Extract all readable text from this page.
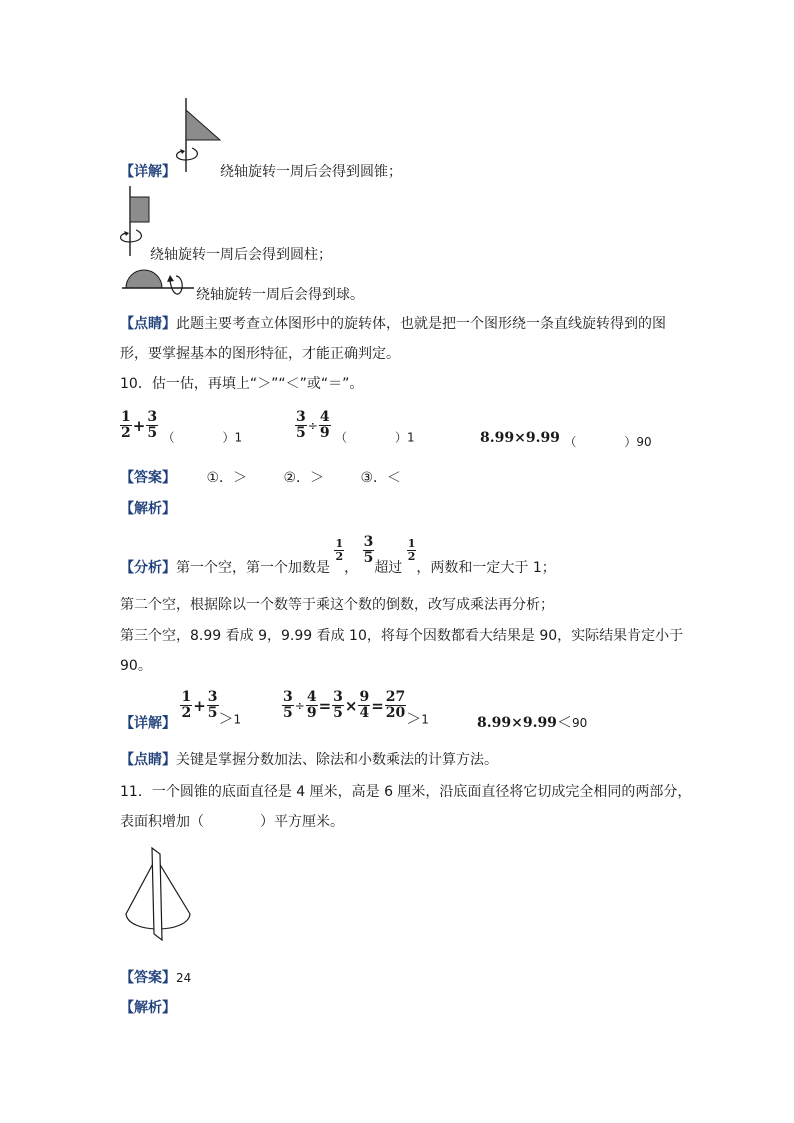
【详解】	绕轴旋转一周后会得到圆锥；
绕轴旋转一周后会得到圆柱；
绕轴旋转一周后会得到球。
【点睛】此题主要考查立体图形中的旋转体，也就是把一个图形绕一条直线旋转得到的图
形，要掌握基本的图形特征，才能正确判定。
10．估一估，再填上“＞”“＜”或“＝”。
$\frac{1}{2} + \frac{3}{5}$ （　　　　）1	$\frac{3}{5} \div \frac{4}{9}$ （　　　　）1	8.99×9.99 （　　　　）90
【答案】 ①．＞	②．＞	③．＜
【解析】
【分析】第一个空，第一个加数是
$\frac{1}{2}$
，
$\frac{3}{5}$
超过
$\frac{1}{2}$
，两数和一定大于 1；
第二个空，根据除以一个数等于乘这个数的倒数，改写成乘法再分析；
第三个空，8.99 看成 9，9.99 看成 10，将每个因数都看大结果是 90，实际结果肯定小于
90。
【详解】
$\frac{1}{2} + \frac{3}{5} >1$	$\frac{3}{5} \div \frac{4}{9} = \frac{3}{5} \times \frac{9}{4} = \frac{27}{20} >1$	8.99×9.99＜90
【点睛】关键是掌握分数加法、除法和小数乘法的计算方法。
11．一个圆锥的底面直径是 4 厘米，高是 6 厘米，沿底面直径将它切成完全相同的两部分，
表面积增加（　　　　）平方厘米。
【答案】24
【解析】
